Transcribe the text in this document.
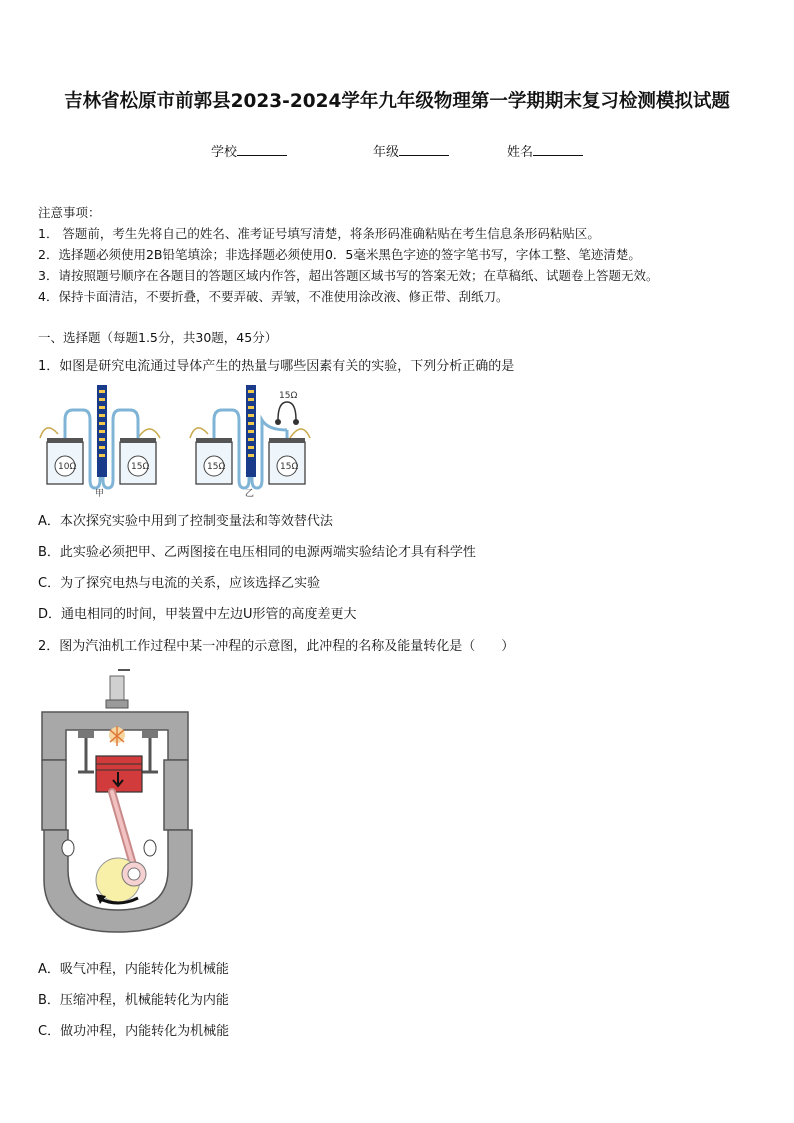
吉林省松原市前郭县2023-2024学年九年级物理第一学期期末复习检测模拟试题
学校	年级	姓名
注意事项：
1． 答题前，考生先将自己的姓名、准考证号填写清楚，将条形码准确粘贴在考生信息条形码粘贴区。
2．选择题必须使用2B铅笔填涂；非选择题必须使用0．5毫米黑色字迹的签字笔书写，字体工整、笔迹清楚。
3．请按照题号顺序在各题目的答题区域内作答，超出答题区域书写的答案无效；在草稿纸、试题卷上答题无效。
4．保持卡面清洁，不要折叠，不要弄破、弄皱，不准使用涂改液、修正带、刮纸刀。
一、选择题（每题1.5分，共30题，45分）
1．如图是研究电流通过导体产生的热量与哪些因素有关的实验，下列分析正确的是
10Ω	15Ω
甲
15Ω	15Ω
15Ω
乙
A．本次探究实验中用到了控制变量法和等效替代法
B．此实验必须把甲、乙两图接在电压相同的电源两端实验结论才具有科学性
C．为了探究电热与电流的关系，应该选择乙实验
D．通电相同的时间，甲装置中左边U形管的高度差更大
2．图为汽油机工作过程中某一冲程的示意图，此冲程的名称及能量转化是（　　）
A．吸气冲程，内能转化为机械能
B．压缩冲程，机械能转化为内能
C．做功冲程，内能转化为机械能
